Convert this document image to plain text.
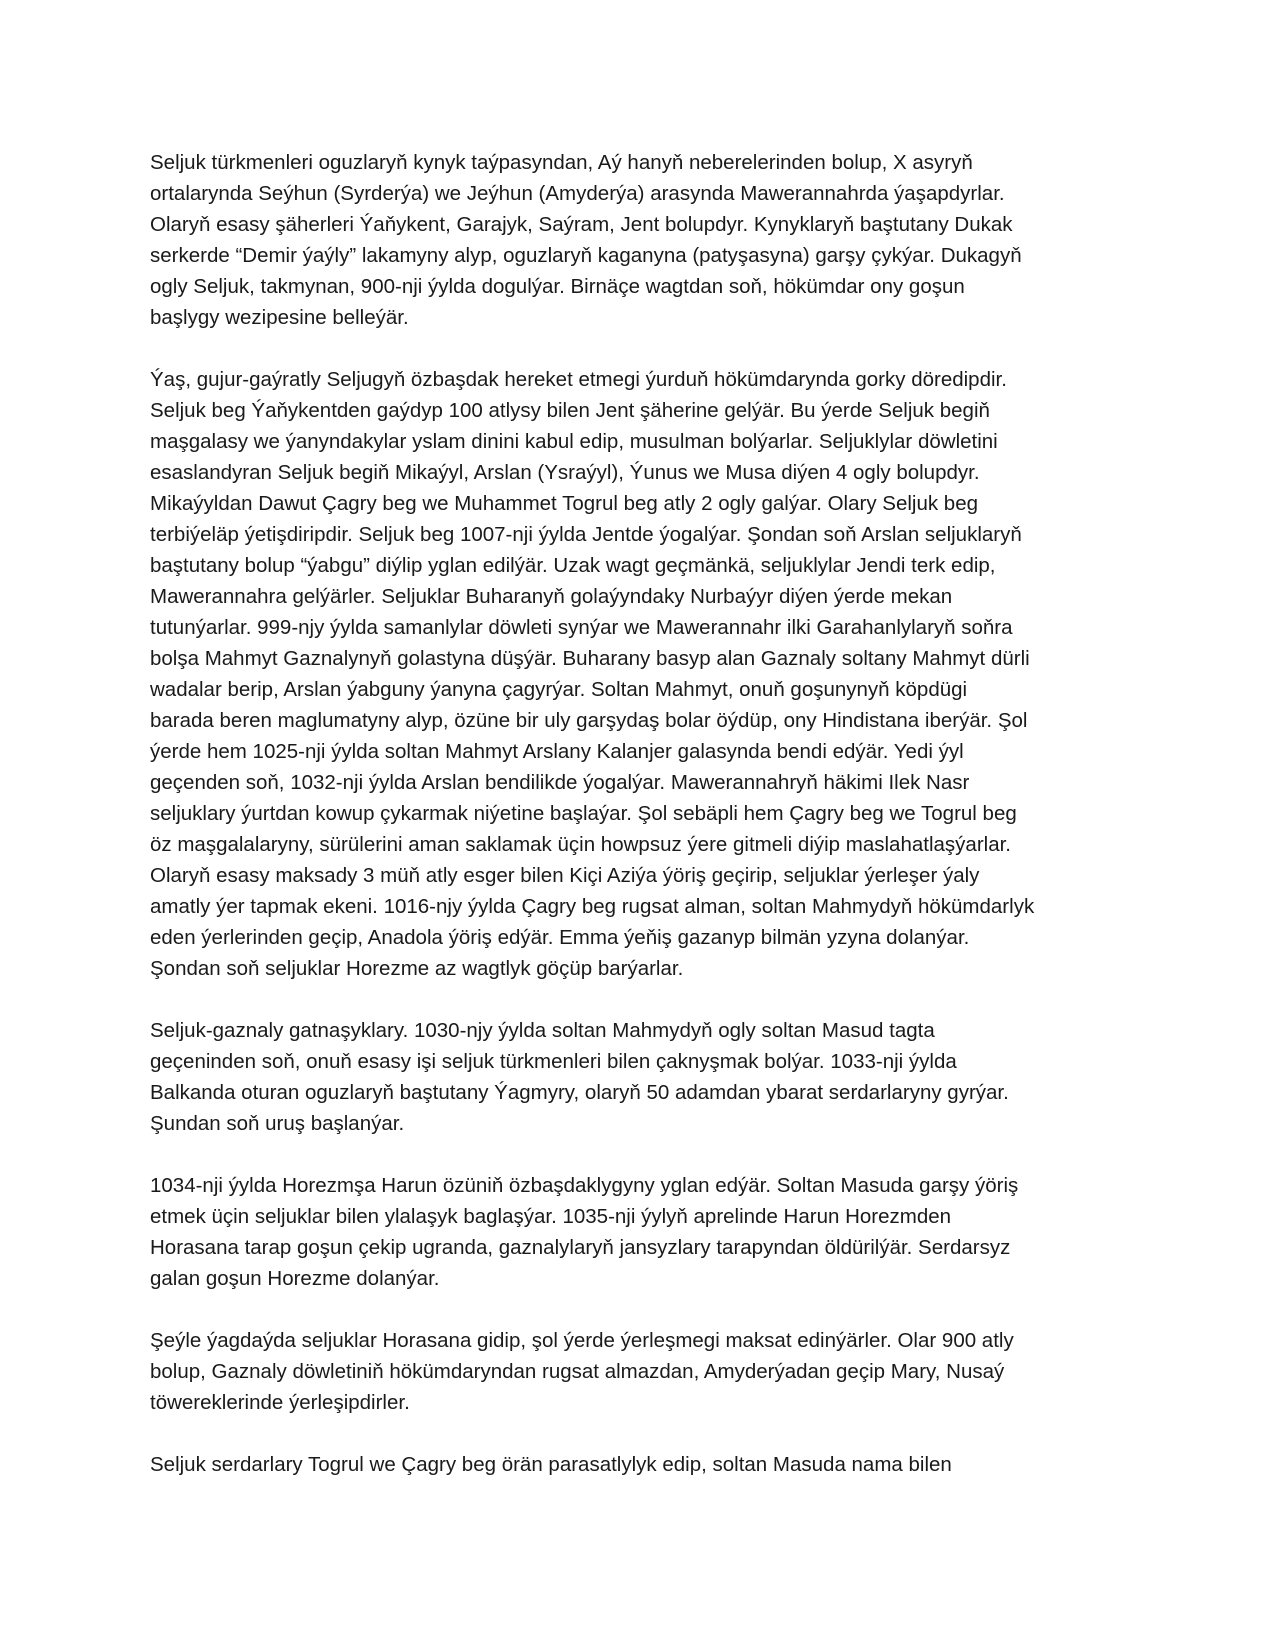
Seljuk türkmenleri oguzlaryň kynyk taýpasyndan, Aý hanyň neberelerinden bolup, X asyryň
ortalarynda Seýhun (Syrderýa) we Jeýhun (Amyderýa) arasynda Mawerannahrda ýaşapdyrlar.
Olaryň esasy şäherleri Ýaňykent, Garajyk, Saýram, Jent bolupdyr. Kynyklaryň baştutany Dukak
serkerde “Demir ýaýly” lakamyny alyp, oguzlaryň kaganyna (patyşasyna) garşy çykýar. Dukagyň
ogly Seljuk, takmynan, 900-nji ýylda dogulýar. Birnäçe wagtdan soň, hökümdar ony goşun
başlygy wezipesine belleýär.

Ýaş, gujur-gaýratly Seljugyň özbaşdak hereket etmegi ýurduň hökümdarynda gorky döredipdir.
Seljuk beg Ýaňykentden gaýdyp 100 atlysy bilen Jent şäherine gelýär. Bu ýerde Seljuk begiň
maşgalasy we ýanyndakylar yslam dinini kabul edip, musulman bolýarlar. Seljuklylar döwletini
esaslandyran Seljuk begiň Mikaýyl, Arslan (Ysraýyl), Ýunus we Musa diýen 4 ogly bolupdyr.
Mikaýyldan Dawut Çagry beg we Muhammet Togrul beg atly 2 ogly galýar. Olary Seljuk beg
terbiýeläp ýetişdiripdir. Seljuk beg 1007-nji ýylda Jentde ýogalýar. Şondan soň Arslan seljuklaryň
baştutany bolup “ýabgu” diýlip yglan edilýär. Uzak wagt geçmänkä, seljuklylar Jendi terk edip,
Mawerannahra gelýärler. Seljuklar Buharanyň golaýyndaky Nurbaýyr diýen ýerde mekan
tutunýarlar. 999-njy ýylda samanlylar döwleti synýar we Mawerannahr ilki Garahanlylaryň soňra
bolşa Mahmyt Gaznalynyň golastyna düşýär. Buharany basyp alan Gaznaly soltany Mahmyt dürli
wadalar berip, Arslan ýabguny ýanyna çagyrýar. Soltan Mahmyt, onuň goşunynyň köpdügi
barada beren maglumatyny alyp, özüne bir uly garşydaş bolar öýdüp, ony Hindistana iberýär. Şol
ýerde hem 1025-nji ýylda soltan Mahmyt Arslany Kalanjer galasynda bendi edýär. Yedi ýyl
geçenden soň, 1032-nji ýylda Arslan bendilikde ýogalýar. Mawerannahryň häkimi Ilek Nasr
seljuklary ýurtdan kowup çykarmak niýetine başlaýar. Şol sebäpli hem Çagry beg we Togrul beg
öz maşgalalaryny, sürülerini aman saklamak üçin howpsuz ýere gitmeli diýip maslahatlaşýarlar.
Olaryň esasy maksady 3 müň atly esger bilen Kiçi Aziýa ýöriş geçirip, seljuklar ýerleşer ýaly
amatly ýer tapmak ekeni. 1016-njy ýylda Çagry beg rugsat alman, soltan Mahmydyň hökümdarlyk
eden ýerlerinden geçip, Anadola ýöriş edýär. Emma ýeňiş gazanyp bilmän yzyna dolanýar.
Şondan soň seljuklar Horezme az wagtlyk göçüp barýarlar.

Seljuk-gaznaly gatnaşyklary. 1030-njy ýylda soltan Mahmydyň ogly soltan Masud tagta
geçeninden soň, onuň esasy işi seljuk türkmenleri bilen çaknyşmak bolýar. 1033-nji ýylda
Balkanda oturan oguzlaryň baştutany Ýagmyry, olaryň 50 adamdan ybarat serdarlaryny gyrýar.
Şundan soň uruş başlanýar.

1034-nji ýylda Horezmşa Harun özüniň özbaşdaklygyny yglan edýär. Soltan Masuda garşy ýöriş
etmek üçin seljuklar bilen ylalaşyk baglaşýar. 1035-nji ýylyň aprelinde Harun Horezmden
Horasana tarap goşun çekip ugranda, gaznalylaryň jansyzlary tarapyndan öldürilýär. Serdarsyz
galan goşun Horezme dolanýar.

Şeýle ýagdaýda seljuklar Horasana gidip, şol ýerde ýerleşmegi maksat edinýärler. Olar 900 atly
bolup, Gaznaly döwletiniň hökümdaryndan rugsat almazdan, Amyderýadan geçip Mary, Nusaý
töwereklerinde ýerleşipdirler.

Seljuk serdarlary Togrul we Çagry beg örän parasatlylyk edip, soltan Masuda nama bilen
